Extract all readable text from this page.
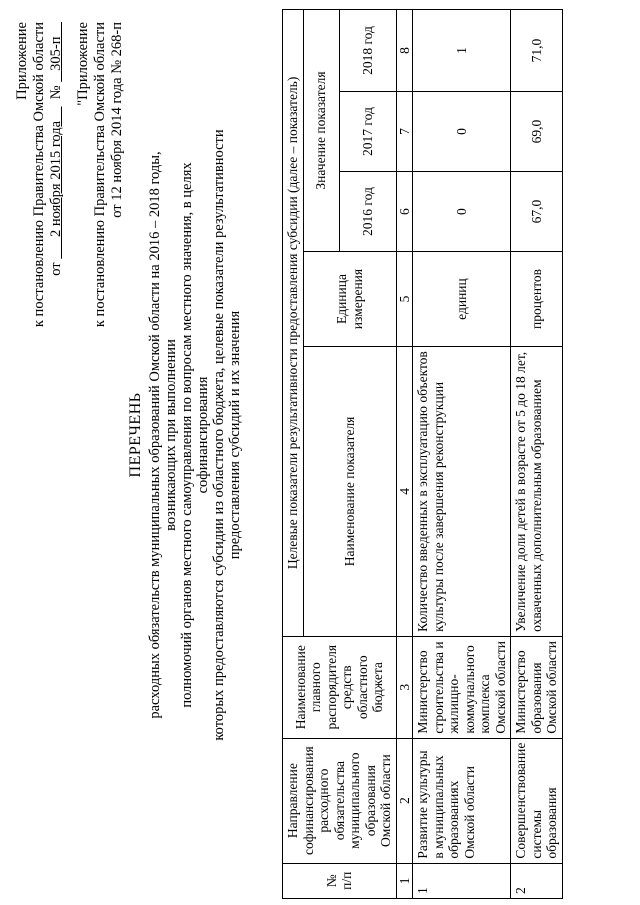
Приложение к постановлению Правительства Омской области от       2 ноября 2015 года      №    305-п "Приложение к постановлению Правительства Омской области от 12 ноября 2014 года № 268-п
ПЕРЕЧЕНЬ расходных обязательств муниципальных образований Омской области на 2016 – 2018 годы, возникающих при выполнении полномочий органов местного самоуправления по вопросам местного значения, в целях софинансирования которых предоставляются субсидии из областного бюджета, целевые показатели результативности предоставления субсидий и их значения
№ п/п	Направление софинансирования расходного обязательства муниципального образования Омской области	Наименование главного распорядителя средств областного бюджета	Целевые показатели результативности предоставления субсидии (далее – показатель)				
			Наименование показателя	Единица измерения	Значение показателя		
					2016 год	2017 год	2018 год
1	2	3	4	5	6	7	8
1	Развитие культуры в муниципальных образованиях Омской области	Министерство строительства и жилищно-коммунального комплекса Омской области	Количество введенных в эксплуатацию объектов культуры после завершения реконструкции	единиц	0	0	1
2	Совершенствование системы образования	Министерство образования Омской области	Увеличение доли детей в возрасте от 5 до 18 лет, охваченных дополнительным образованием	процентов	67,0	69,0	71,0
